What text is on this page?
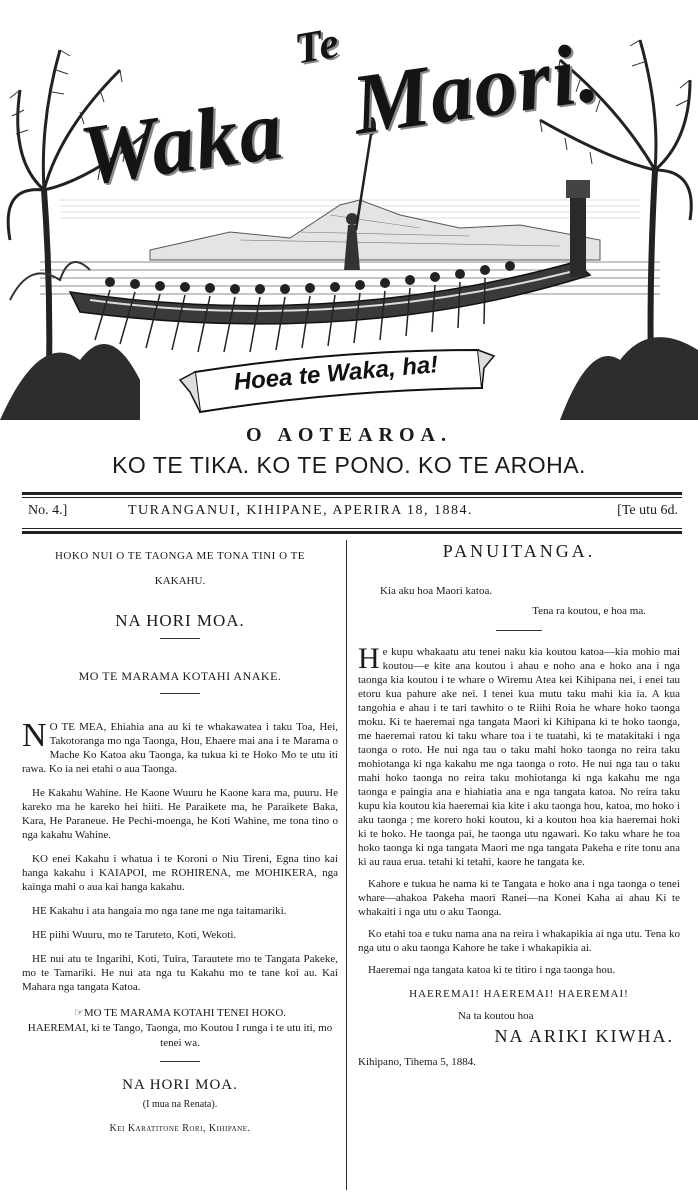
Te
Waka Maori.
Hoea te Waka, ha!
O AOTEAROA.
KO TE TIKA. KO TE PONO. KO TE AROHA.
No. 4.]	TURANGANUI, KIHIPANE, APERIRA 18, 1884.	[Te utu 6d.
HOKO NUI O TE TAONGA ME TONA TINI O TE
KAKAHU.
NA HORI MOA.
MO TE MARAMA KOTAHI ANAKE.
N O TE MEA, Ehiahia ana au ki te whakawatea i taku Toa, Hei, Takotoranga mo nga Taonga, Hou, Ehaere mai ana i te Marama o Mache Ko Katoa aku Taonga, ka tukua ki te Hoko Mo te utu iti rawa. Ko ia nei etahi o aua Taonga.
He Kakahu Wahine. He Kaone Wuuru he Kaone kara ma, puuru. He kareko ma he kareko hei hiiti. He Paraikete ma, he Paraikete Baka, Kara, He Paraneue. He Pechi-moenga, he Koti Wahine, me tona tino o nga kakahu Wahine.
KO enei Kakahu i whatua i te Koroni o Niu Tireni, Egna tino kai hanga kakahu i KAIAPOI, me ROHIRENA, me MOHIKERA, nga kainga mahi o aua kai hanga kakahu.
HE Kakahu i ata hangaia mo nga tane me nga taitamariki.
HE piihi Wuuru, mo te Taruteto, Koti, Wekoti.
HE nui atu te Ingarihi, Koti, Tuira, Tarautete mo te Tangata Pakeke, mo te Tamariki. He nui ata nga tu Kakahu mo te tane koi au. Kai Mahara nga tangata Katoa.
☞MO TE MARAMA KOTAHI TENEI HOKO.
HAEREMAI, ki te Tango, Taonga, mo Koutou I runga i te utu iti, mo tenei wa.
NA HORI MOA.
(I mua na Renata).
Kei Karatitone Rori, Kihipane.
PANUITANGA.
Kia aku hoa Maori katoa.
Tena ra koutou, e hoa ma.
He kupu whakaatu atu tenei naku kia koutou katoa—kia mohio mai koutou—e kite ana koutou i ahau e noho ana e hoko ana i nga taonga kia koutou i te whare o Wiremu Atea kei Kihipana nei, i enei tau etoru kua pahure ake nei. I tenei kua mutu taku mahi kia ia. A kua tangohia e ahau i te tari tawhito o te Riihi Roia he whare hoko taonga moku. Ki te haeremai nga tangata Maori ki Kihipana ki te hoko taonga, me haeremai ratou ki taku whare toa i te tuatahi, ki te matakitaki i nga taonga o roto. He nui nga tau o taku mahi hoko taonga no reira taku mohiotanga ki nga kakahu me nga taonga o roto. He nui nga tau o taku mahi hoko taonga no reira taku mohiotanga ki nga kakahu me nga taonga e paingia ana e hiahiatia ana e nga tangata katoa. No reira taku kupu kia koutou kia haeremai kia kite i aku taonga hou, katoa, mo hoko i aku taonga ; me korero hoki koutou, ki a koutou hoa kia haeremai hoki ki te hoko. He taonga pai, he taonga utu ngawari. Ko taku whare he toa hoko taonga ki nga tangata Maori me nga tangata Pakeha e rite tonu ana ki au raua erua. tetahi ki tetahi, kaore he tangata ke.
Kahore e tukua he nama ki te Tangata e hoko ana i nga taonga o tenei whare—ahakoa Pakeha maori Ranei—na Konei Kaha ai ahau Ki te whakaiti i nga utu o aku Taonga.
Ko etahi toa e tuku nama ana na reira i whakapikia ai nga utu. Tena ko nga utu o aku taonga Kahore he take i whakapikia ai.
Haeremai nga tangata katoa ki te titiro i nga taonga hou.
HAEREMAI! HAEREMAI! HAEREMAI!
Na ta koutou hoa
NA ARIKI KIWHA.
Kihipano, Tihema 5, 1884.
